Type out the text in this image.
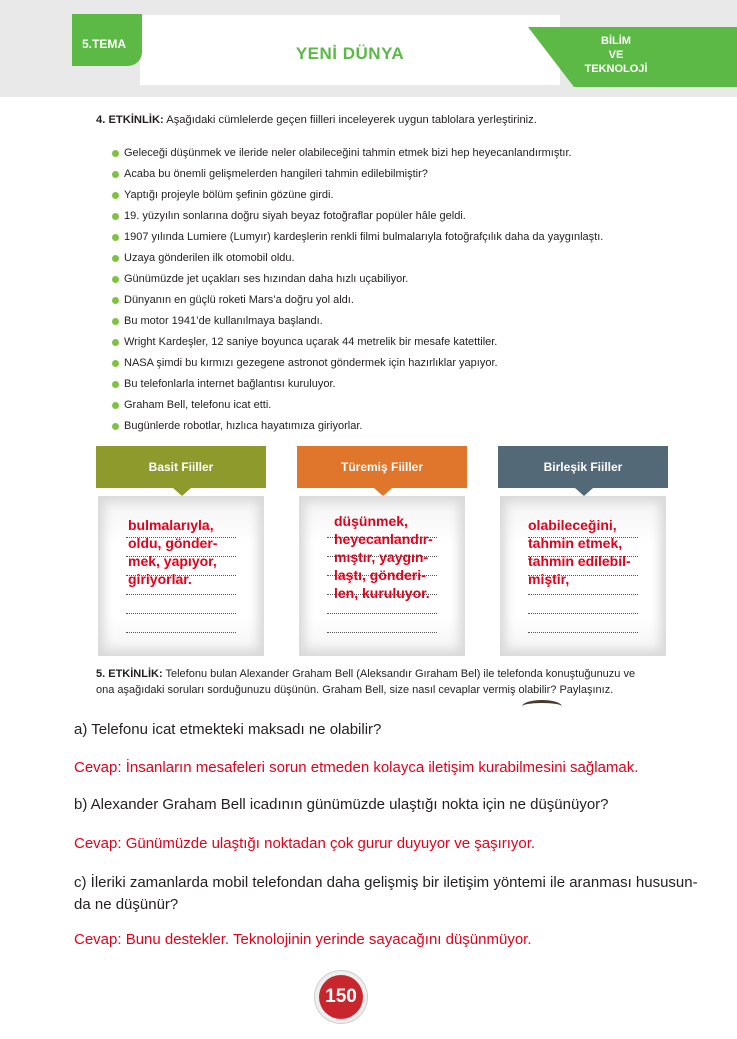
5.TEMA	YENİ DÜNYA
BİLİM
VE
TEKNOLOJİ
4. ETKİNLİK: Aşağıdaki cümlelerde geçen fiilleri inceleyerek uygun tablolara yerleştiriniz.
Geleceği düşünmek ve ileride neler olabileceğini tahmin etmek bizi hep heyecanlandırmıştır.
Acaba bu önemli gelişmelerden hangileri tahmin edilebilmiştir?
Yaptığı projeyle bölüm şefinin gözüne girdi.
19. yüzyılın sonlarına doğru siyah beyaz fotoğraflar popüler hâle geldi.
1907 yılında Lumiere (Lumyır) kardeşlerin renkli filmi bulmalarıyla fotoğrafçılık daha da yaygınlaştı.
Uzaya gönderilen ilk otomobil oldu.
Günümüzde jet uçakları ses hızından daha hızlı uçabiliyor.
Dünyanın en güçlü roketi Mars’a doğru yol aldı.
Bu motor 1941’de kullanılmaya başlandı.
Wright Kardeşler, 12 saniye boyunca uçarak 44 metrelik bir mesafe katettiler.
NASA şimdi bu kırmızı gezegene astronot göndermek için hazırlıklar yapıyor.
Bu telefonlarla internet bağlantısı kuruluyor.
Graham Bell, telefonu icat etti.
Bugünlerde robotlar, hızlıca hayatımıza giriyorlar.
Basit Fiiller
bulmalarıyla,
oldu, gönder-
mek, yapıyor,
giriyorlar.
Türemiş Fiiller
düşünmek,
heyecanlandır-
mıştır, yaygın-
laştı, gönderi-
len, kuruluyor.
Birleşik Fiiller
olabileceğini,
tahmin etmek,
tahmin edilebil-
miştir,
5. ETKİNLİK: Telefonu bulan Alexander Graham Bell (Aleksandır Gıraham Bel) ile telefonda konuştuğunuzu ve
ona aşağıdaki soruları sorduğunuzu düşünün. Graham Bell, size nasıl cevaplar vermiş olabilir? Paylaşınız.
a) Telefonu icat etmekteki maksadı ne olabilir?
Cevap: İnsanların mesafeleri sorun etmeden kolayca iletişim kurabilmesini sağlamak.
b) Alexander Graham Bell icadının günümüzde ulaştığı nokta için ne düşünüyor?
Cevap: Günümüzde ulaştığı noktadan çok gurur duyuyor ve şaşırıyor.
c) İleriki zamanlarda mobil telefondan daha gelişmiş bir iletişim yöntemi ile aranması hususun-da ne düşünür?
Cevap: Bunu destekler. Teknolojinin yerinde sayacağını düşünmüyor.
150
